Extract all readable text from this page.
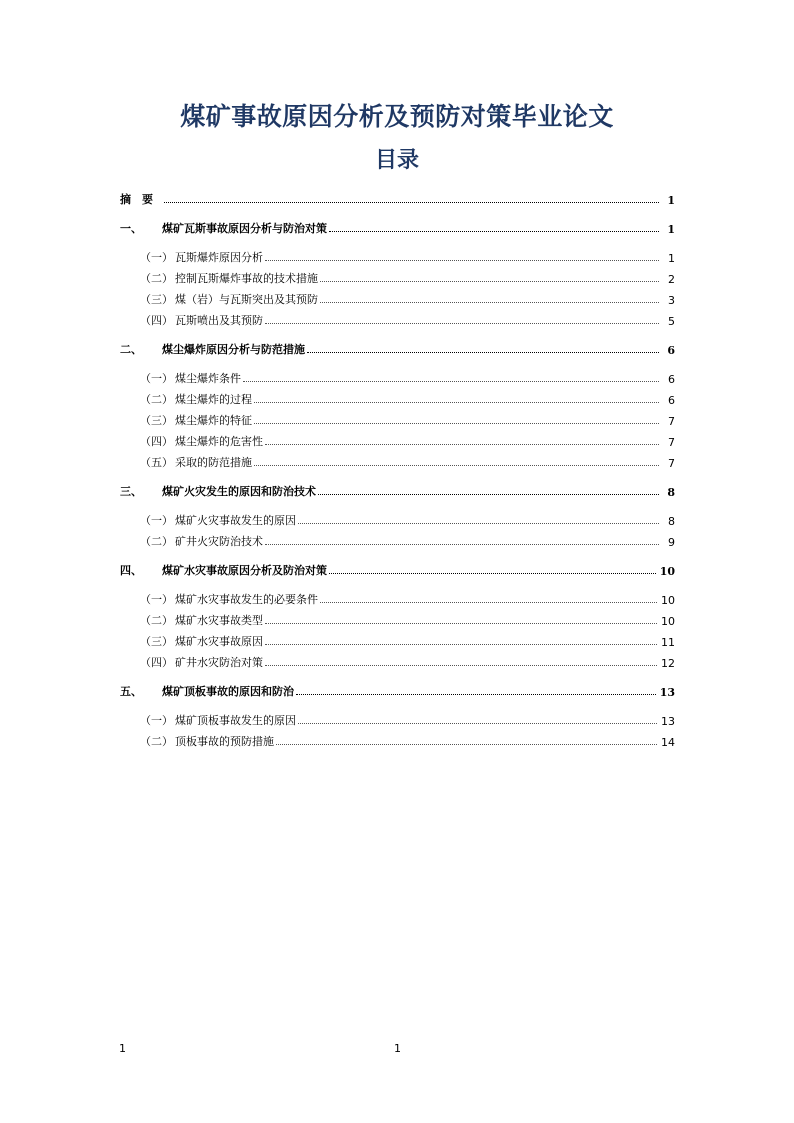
煤矿事故原因分析及预防对策毕业论文
目录
摘　要	1
一、	煤矿瓦斯事故原因分析与防治对策	1
（一） 瓦斯爆炸原因分析	1
（二） 控制瓦斯爆炸事故的技术措施	2
（三） 煤（岩）与瓦斯突出及其预防	3
（四） 瓦斯喷出及其预防	5
二、	煤尘爆炸原因分析与防范措施	6
（一） 煤尘爆炸条件	6
（二） 煤尘爆炸的过程	6
（三） 煤尘爆炸的特征	7
（四） 煤尘爆炸的危害性	7
（五） 采取的防范措施	7
三、	煤矿火灾发生的原因和防治技术	8
（一） 煤矿火灾事故发生的原因	8
（二） 矿井火灾防治技术	9
四、	煤矿水灾事故原因分析及防治对策	10
（一） 煤矿水灾事故发生的必要条件	10
（二） 煤矿水灾事故类型	10
（三） 煤矿水灾事故原因	11
（四） 矿井水灾防治对策	12
五、	煤矿顶板事故的原因和防治	13
（一） 煤矿顶板事故发生的原因	13
（二） 顶板事故的预防措施	14
1	1
